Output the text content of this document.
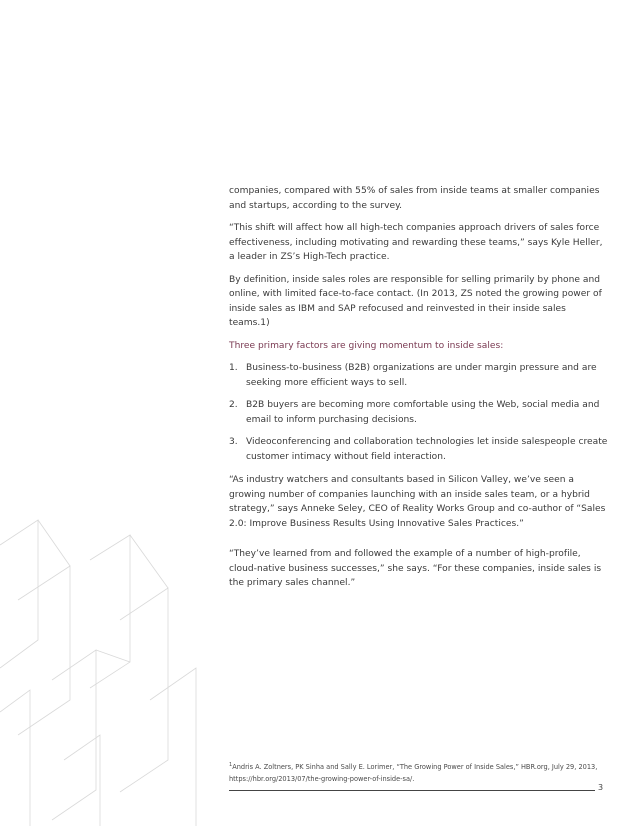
companies, compared with 55% of sales from inside teams at smaller companies and startups, according to the survey.

“This shift will affect how all high-tech companies approach drivers of sales force effectiveness, including motivating and rewarding these teams,” says Kyle Heller, a leader in ZS’s High-Tech practice.

By definition, inside sales roles are responsible for selling primarily by phone and online, with limited face-to-face contact. (In 2013, ZS noted the growing power of inside sales as IBM and SAP refocused and reinvested in their inside sales teams.1)

Three primary factors are giving momentum to inside sales:

1. Business-to-business (B2B) organizations are under margin pressure and are seeking more efficient ways to sell.
2. B2B buyers are becoming more comfortable using the Web, social media and email to inform purchasing decisions.
3. Videoconferencing and collaboration technologies let inside salespeople create customer intimacy without field interaction.

“As industry watchers and consultants based in Silicon Valley, we’ve seen a growing number of companies launching with an inside sales team, or a hybrid strategy,” says Anneke Seley, CEO of Reality Works Group and co-author of “Sales 2.0: Improve Business Results Using Innovative Sales Practices.”

“They’ve learned from and followed the example of a number of high-profile, cloud-native business successes,” she says. “For these companies, inside sales is the primary sales channel.”

$^1$Andris A. Zoltners, PK Sinha and Sally E. Lorimer, “The Growing Power of Inside Sales,” HBR.org, July 29, 2013, https://hbr.org/2013/07/the-growing-power-of-inside-sa/.
3
